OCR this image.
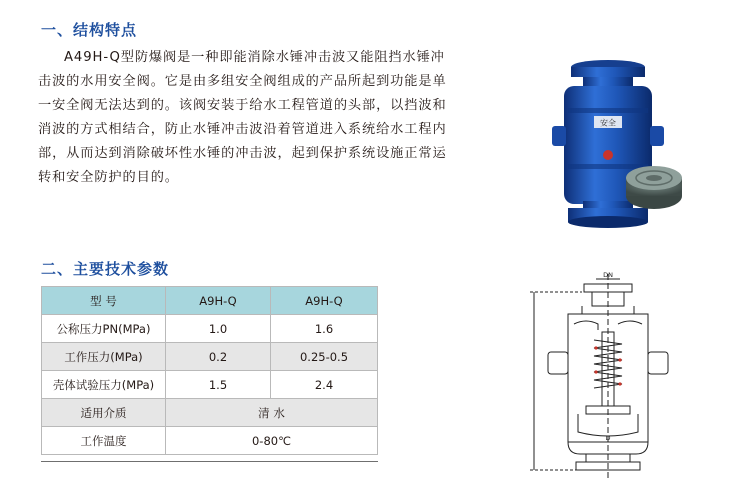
一、结构特点

A49H-Q型防爆阀是一种即能消除水锤冲击波又能阻挡水锤冲

击波的水用安全阀。它是由多组安全阀组成的产品所起到功能是单

一安全阀无法达到的。该阀安装于给水工程管道的头部，以挡波和

消波的方式相结合，防止水锤冲击波沿着管道进入系统给水工程内

部，从而达到消除破坏性水锤的冲击波，起到保护系统设施正常运

转和安全防护的目的。

二、主要技术参数
型 号	A9H-Q	A9H-Q
公称压力PN(MPa)	1.0	1.6
工作压力(MPa)	0.2	0.25-0.5
壳体试验压力(MPa)	1.5	2.4
适用介质	清 水	
工作温度	0-80℃	
安全
DN
D
